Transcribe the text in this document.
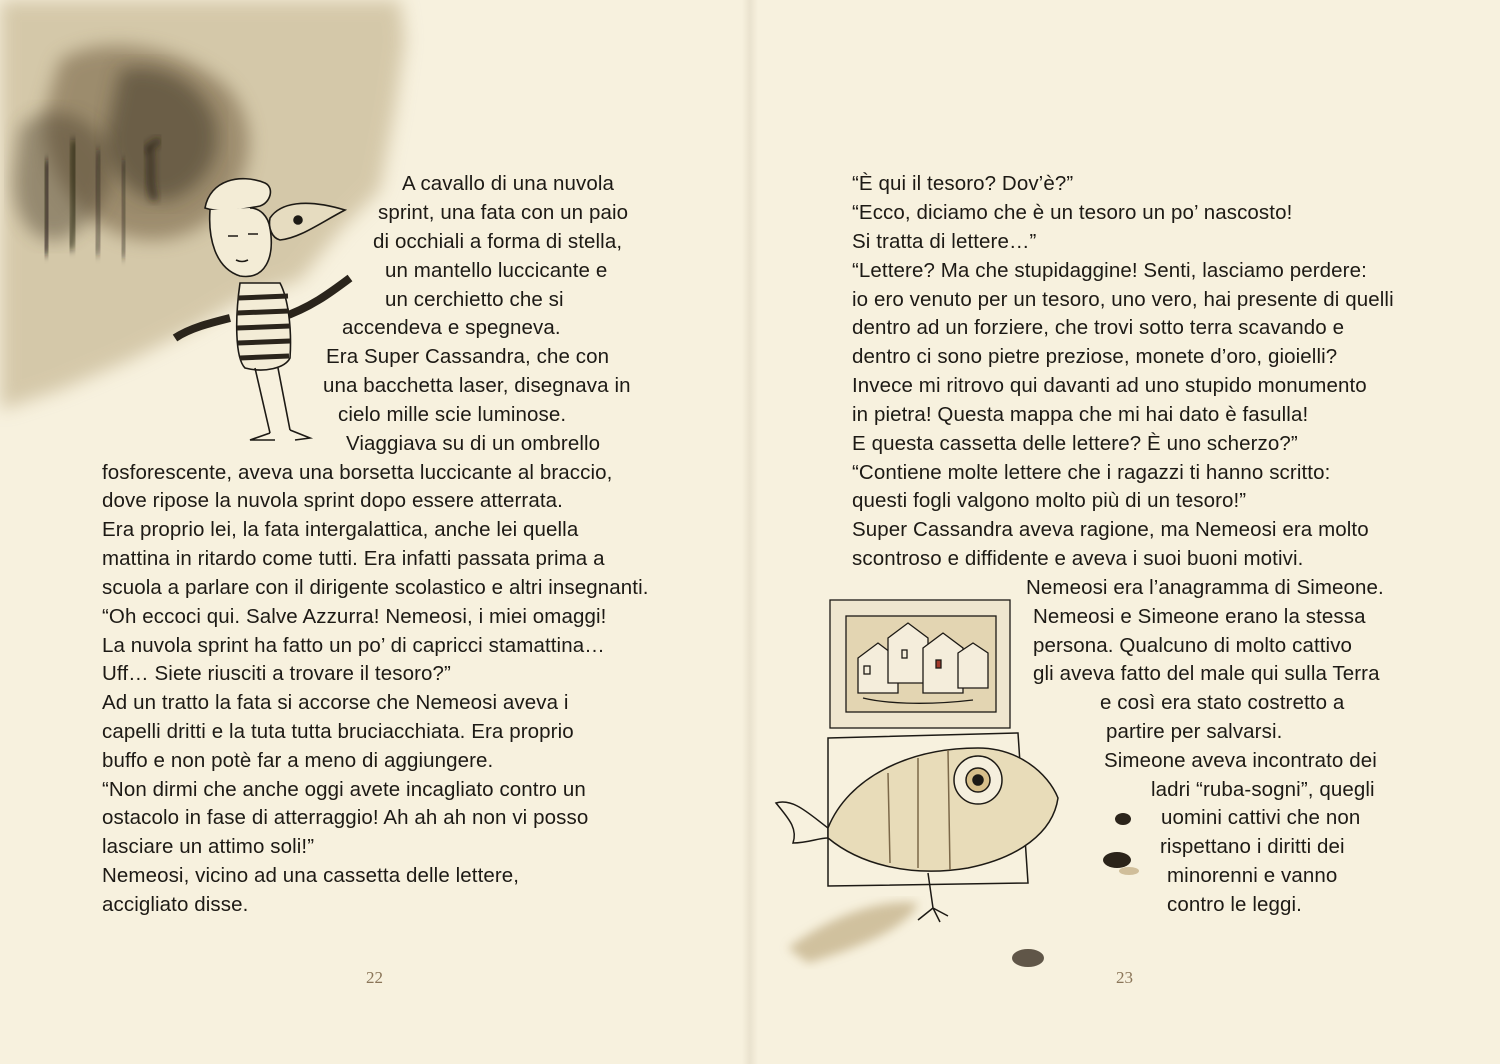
A cavallo di una nuvola
sprint, una fata con un paio
di occhiali a forma di stella,
un mantello luccicante e
un cerchietto che si
accendeva e spegneva.
Era Super Cassandra, che con
una bacchetta laser, disegnava in
cielo mille scie luminose.
Viaggiava su di un ombrello
fosforescente, aveva una borsetta luccicante al braccio,
dove ripose la nuvola sprint dopo essere atterrata.
Era proprio lei, la fata intergalattica, anche lei quella
mattina in ritardo come tutti. Era infatti passata prima a
scuola a parlare con il dirigente scolastico e altri insegnanti.
“Oh eccoci qui. Salve Azzurra! Nemeosi, i miei omaggi!
La nuvola sprint ha fatto un po’ di capricci stamattina…
Uff… Siete riusciti a trovare il tesoro?”
Ad un tratto la fata si accorse che Nemeosi aveva i
capelli dritti e la tuta tutta bruciacchiata. Era proprio
buffo e non potè far a meno di aggiungere.
“Non dirmi che anche oggi avete incagliato contro un
ostacolo in fase di atterraggio! Ah ah ah non vi posso
lasciare un attimo soli!”
Nemeosi, vicino ad una cassetta delle lettere,
accigliato disse.
22
“È qui il tesoro? Dov’è?”
“Ecco, diciamo che è un tesoro un po’ nascosto!
Si tratta di lettere…”
“Lettere? Ma che stupidaggine! Senti, lasciamo perdere:
io ero venuto per un tesoro, uno vero, hai presente di quelli
dentro ad un forziere, che trovi sotto terra scavando e
dentro ci sono pietre preziose, monete d’oro, gioielli?
Invece mi ritrovo qui davanti ad uno stupido monumento
in pietra! Questa mappa che mi hai dato è fasulla!
E questa cassetta delle lettere? È uno scherzo?”
“Contiene molte lettere che i ragazzi ti hanno scritto:
questi fogli valgono molto più di un tesoro!”
Super Cassandra aveva ragione, ma Nemeosi era molto
scontroso e diffidente e aveva i suoi buoni motivi.
Nemeosi era l’anagramma di Simeone.
Nemeosi e Simeone erano la stessa
persona. Qualcuno di molto cattivo
gli aveva fatto del male qui sulla Terra
e così era stato costretto a
partire per salvarsi.
Simeone aveva incontrato dei
ladri “ruba-sogni”, quegli
uomini cattivi che non
rispettano i diritti dei
minorenni e vanno
contro le leggi.
23
